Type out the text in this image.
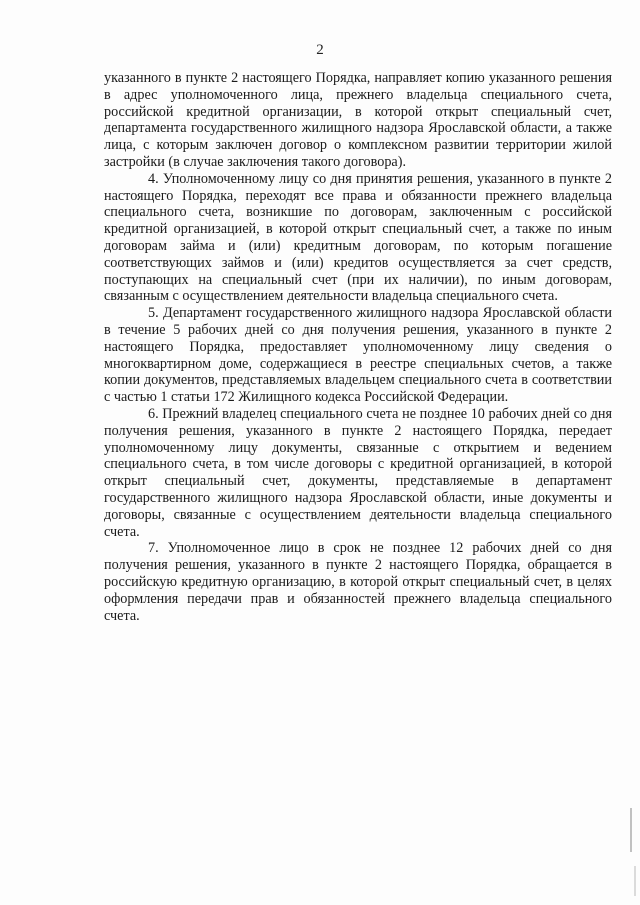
2

указанного в пункте 2 настоящего Порядка, направляет копию указанного решения в адрес уполномоченного лица, прежнего владельца специального счета, российской кредитной организации, в которой открыт специальный счет, департамента государственного жилищного надзора Ярославской области, а также лица, с которым заключен договор о комплексном развитии территории жилой застройки (в случае заключения такого договора).

4. Уполномоченному лицу со дня принятия решения, указанного в пункте 2 настоящего Порядка, переходят все права и обязанности прежнего владельца специального счета, возникшие по договорам, заключенным с российской кредитной организацией, в которой открыт специальный счет, а также по иным договорам займа и (или) кредитным договорам, по которым погашение соответствующих займов и (или) кредитов осуществляется за счет средств, поступающих на специальный счет (при их наличии), по иным договорам, связанным с осуществлением деятельности владельца специального счета.

5. Департамент государственного жилищного надзора Ярославской области в течение 5 рабочих дней со дня получения решения, указанного в пункте 2 настоящего Порядка, предоставляет уполномоченному лицу сведения о многоквартирном доме, содержащиеся в реестре специальных счетов, а также копии документов, представляемых владельцем специального счета в соответствии с частью 1 статьи 172 Жилищного кодекса Российской Федерации.

6. Прежний владелец специального счета не позднее 10 рабочих дней со дня получения решения, указанного в пункте 2 настоящего Порядка, передает уполномоченному лицу документы, связанные с открытием и ведением специального счета, в том числе договоры с кредитной организацией, в которой открыт специальный счет, документы, представляемые в департамент государственного жилищного надзора Ярославской области, иные документы и договоры, связанные с осуществлением деятельности владельца специального счета.

7. Уполномоченное лицо в срок не позднее 12 рабочих дней со дня получения решения, указанного в пункте 2 настоящего Порядка, обращается в российскую кредитную организацию, в которой открыт специальный счет, в целях оформления передачи прав и обязанностей прежнего владельца специального счета.
